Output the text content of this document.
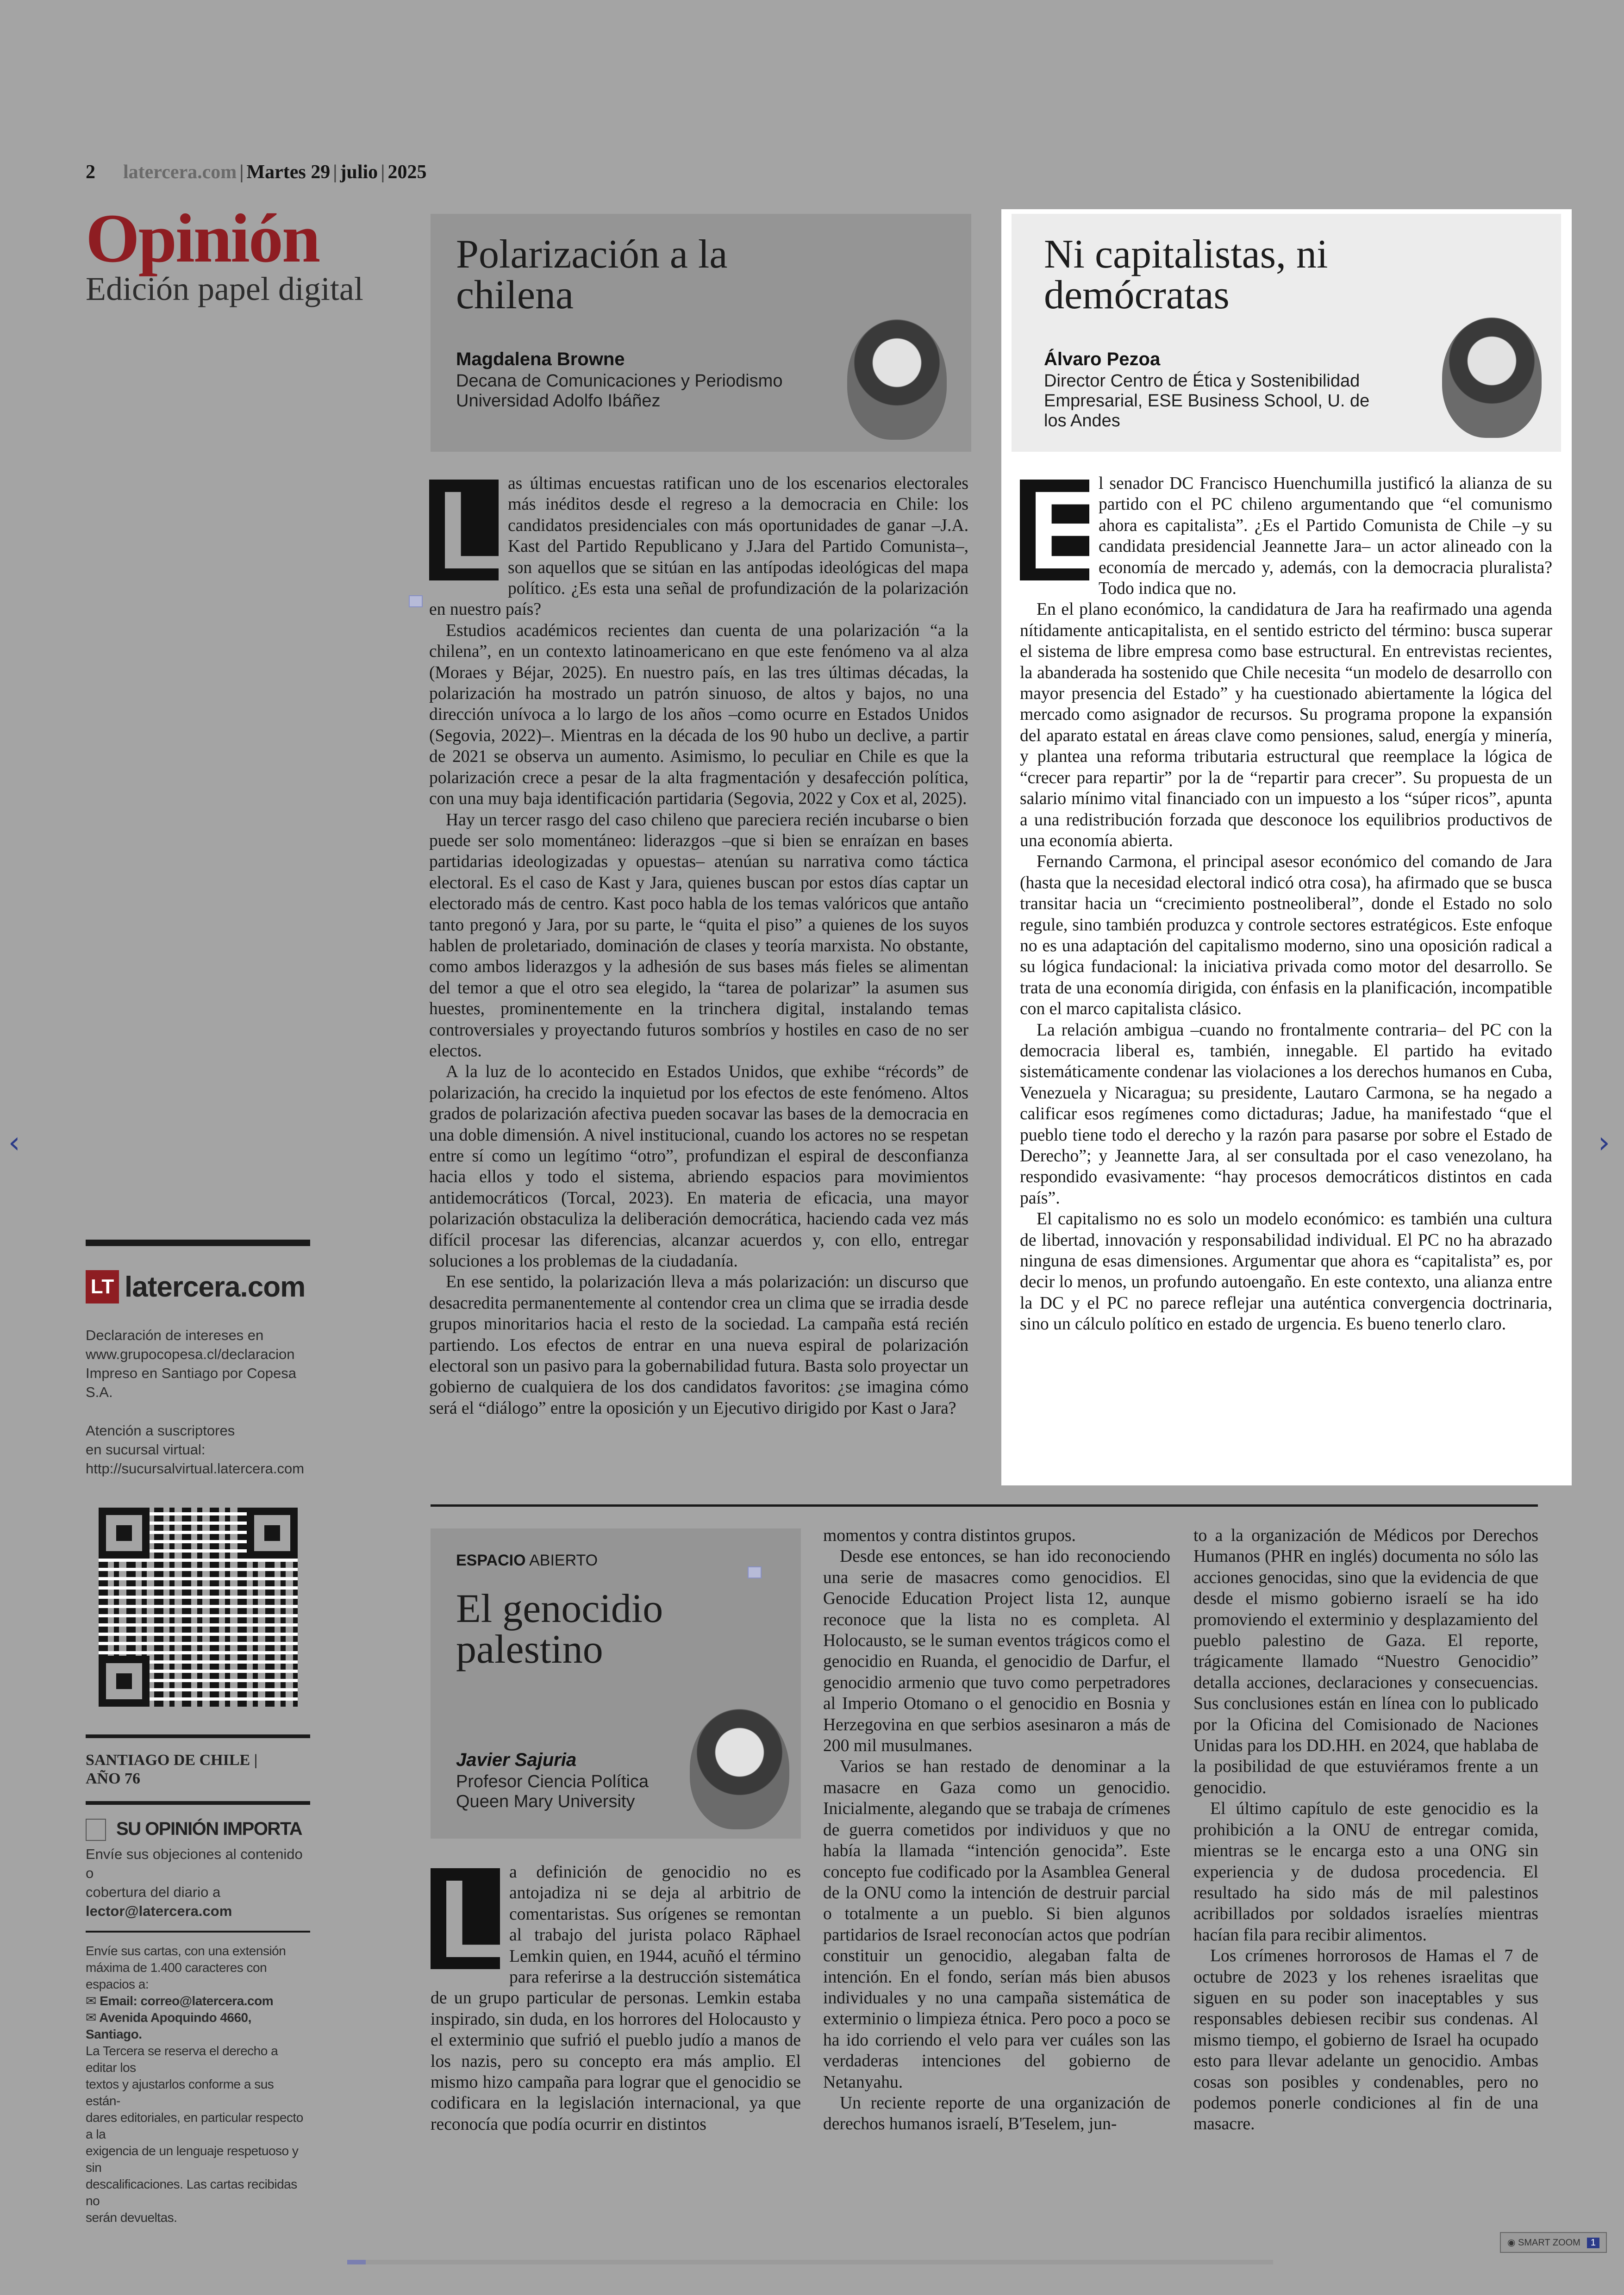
2 latercera.com | Martes 29 | julio | 2025
Opinión
Edición papel digital
Polarización a la
chilena
Magdalena Browne
Decana de Comunicaciones y Periodismo
Universidad Adolfo Ibáñez
L as últimas encuestas ratifican uno de los escenarios electorales más inéditos desde el regreso a la democracia en Chile: los candidatos presidenciales con más oportunidades de ganar –J.A. Kast del Partido Republicano y J.Jara del Partido Comunista–, son aquellos que se sitúan en las antípodas ideológicas del mapa político. ¿Es esta una señal de profundización de la polarización en nuestro país?

Estudios académicos recientes dan cuenta de una polarización “a la chilena”, en un contexto latinoamericano en que este fenómeno va al alza (Moraes y Béjar, 2025). En nuestro país, en las tres últimas décadas, la polarización ha mostrado un patrón sinuoso, de altos y bajos, no una dirección unívoca a lo largo de los años –como ocurre en Estados Unidos (Segovia, 2022)–. Mientras en la década de los 90 hubo un declive, a partir de 2021 se observa un aumento. Asimismo, lo peculiar en Chile es que la polarización crece a pesar de la alta fragmentación y desafección política, con una muy baja identificación partidaria (Segovia, 2022 y Cox et al, 2025).

Hay un tercer rasgo del caso chileno que pareciera recién incubarse o bien puede ser solo momentáneo: liderazgos –que si bien se enraízan en bases partidarias ideologizadas y opuestas– atenúan su narrativa como táctica electoral. Es el caso de Kast y Jara, quienes buscan por estos días captar un electorado más de centro. Kast poco habla de los temas valóricos que antaño tanto pregonó y Jara, por su parte, le “quita el piso” a quienes de los suyos hablen de proletariado, dominación de clases y teoría marxista. No obstante, como ambos liderazgos y la adhesión de sus bases más fieles se alimentan del temor a que el otro sea elegido, la “tarea de polarizar” la asumen sus huestes, prominentemente en la trinchera digital, instalando temas controversiales y proyectando futuros sombríos y hostiles en caso de no ser electos.

A la luz de lo acontecido en Estados Unidos, que exhibe “récords” de polarización, ha crecido la inquietud por los efectos de este fenómeno. Altos grados de polarización afectiva pueden socavar las bases de la democracia en una doble dimensión. A nivel institucional, cuando los actores no se respetan entre sí como un legítimo “otro”, profundizan el espiral de desconfianza hacia ellos y todo el sistema, abriendo espacios para movimientos antidemocráticos (Torcal, 2023). En materia de eficacia, una mayor polarización obstaculiza la deliberación democrática, haciendo cada vez más difícil procesar las diferencias, alcanzar acuerdos y, con ello, entregar soluciones a los problemas de la ciudadanía.

En ese sentido, la polarización lleva a más polarización: un discurso que desacredita permanentemente al contendor crea un clima que se irradia desde grupos minoritarios hacia el resto de la sociedad. La campaña está recién partiendo. Los efectos de entrar en una nueva espiral de polarización electoral son un pasivo para la gobernabilidad futura. Basta solo proyectar un gobierno de cualquiera de los dos candidatos favoritos: ¿se imagina cómo será el “diálogo” entre la oposición y un Ejecutivo dirigido por Kast o Jara?

Ni capitalistas, ni
demócratas
Álvaro Pezoa
Director Centro de Ética y Sostenibilidad
Empresarial, ESE Business School, U. de
los Andes
E

l senador DC Francisco Huenchumilla justificó la alianza de su partido con el PC chileno argumentando que “el comunismo ahora es capitalista”. ¿Es el Partido Comunista de Chile –y su candidata presidencial Jeannette Jara– un actor alineado con la economía de mercado y, además, con la democracia pluralista? Todo indica que no.

En el plano económico, la candidatura de Jara ha reafirmado una agenda nítidamente anticapitalista, en el sentido estricto del término: busca superar el sistema de libre empresa como base estructural. En entrevistas recientes, la abanderada ha sostenido que Chile necesita “un modelo de desarrollo con mayor presencia del Estado” y ha cuestionado abiertamente la lógica del mercado como asignador de recursos. Su programa propone la expansión del aparato estatal en áreas clave como pensiones, salud, energía y minería, y plantea una reforma tributaria estructural que reemplace la lógica de “crecer para repartir” por la de “repartir para crecer”. Su propuesta de un salario mínimo vital financiado con un impuesto a los “súper ricos”, apunta a una redistribución forzada que desconoce los equilibrios productivos de una economía abierta.

Fernando Carmona, el principal asesor económico del comando de Jara (hasta que la necesidad electoral indicó otra cosa), ha afirmado que se busca transitar hacia un “crecimiento postneoliberal”, donde el Estado no solo regule, sino también produzca y controle sectores estratégicos. Este enfoque no es una adaptación del capitalismo moderno, sino una oposición radical a su lógica fundacional: la iniciativa privada como motor del desarrollo. Se trata de una economía dirigida, con énfasis en la planificación, incompatible con el marco capitalista clásico.

La relación ambigua –cuando no frontalmente contraria– del PC con la democracia liberal es, también, innegable. El partido ha evitado sistemáticamente condenar las violaciones a los derechos humanos en Cuba, Venezuela y Nicaragua; su presidente, Lautaro Carmona, se ha negado a calificar esos regímenes como dictaduras; Jadue, ha manifestado “que el pueblo tiene todo el derecho y la razón para pasarse por sobre el Estado de Derecho”; y Jeannette Jara, al ser consultada por el caso venezolano, ha respondido evasivamente: “hay procesos democráticos distintos en cada país”.

El capitalismo no es solo un modelo económico: es también una cultura de libertad, innovación y responsabilidad individual. El PC no ha abrazado ninguna de esas dimensiones. Argumentar que ahora es “capitalista” es, por decir lo menos, un profundo autoengaño. En este contexto, una alianza entre la DC y el PC no parece reflejar una auténtica convergencia doctrinaria, sino un cálculo político en estado de urgencia. Es bueno tenerlo claro.

ESPACIO ABIERTO
El genocidio
palestino
Javier Sajuria
Profesor Ciencia Política
Queen Mary University
L a definición de genocidio no es antojadiza ni se deja al arbitrio de comentaristas. Sus orígenes se remontan al trabajo del jurista polaco Rāphael Lemkin quien, en 1944, acuñó el término para referirse a la destrucción sistemática de un grupo particular de personas. Lemkin estaba inspirado, sin duda, en los horrores del Holocausto y el exterminio que sufrió el pueblo judío a manos de los nazis, pero su concepto era más amplio. El mismo hizo campaña para lograr que el genocidio se codificara en la legislación internacional, ya que reconocía que podía ocurrir en distintos

momentos y contra distintos grupos.

Desde ese entonces, se han ido reconociendo una serie de masacres como genocidios. El Genocide Education Project lista 12, aunque reconoce que la lista no es completa. Al Holocausto, se le suman eventos trágicos como el genocidio en Ruanda, el genocidio de Darfur, el genocidio armenio que tuvo como perpetradores al Imperio Otomano o el genocidio en Bosnia y Herzegovina en que serbios asesinaron a más de 200 mil musulmanes.

Varios se han restado de denominar a la masacre en Gaza como un genocidio. Inicialmente, alegando que se trabaja de crímenes de guerra cometidos por individuos y que no había la llamada “intención genocida”. Este concepto fue codificado por la Asamblea General de la ONU como la intención de destruir parcial o totalmente a un pueblo. Si bien algunos partidarios de Israel reconocían actos que podrían constituir un genocidio, alegaban falta de intención. En el fondo, serían más bien abusos individuales y no una campaña sistemática de exterminio o limpieza étnica. Pero poco a poco se ha ido corriendo el velo para ver cuáles son las verdaderas intenciones del gobierno de Netanyahu.

Un reciente reporte de una organización de derechos humanos israelí, B'Teselem, jun-

to a la organización de Médicos por Derechos Humanos (PHR en inglés) documenta no sólo las acciones genocidas, sino que la evidencia de que desde el mismo gobierno israelí se ha ido promoviendo el exterminio y desplazamiento del pueblo palestino de Gaza. El reporte, trágicamente llamado “Nuestro Genocidio” detalla acciones, declaraciones y consecuencias. Sus conclusiones están en línea con lo publicado por la Oficina del Comisionado de Naciones Unidas para los DD.HH. en 2024, que hablaba de la posibilidad de que estuviéramos frente a un genocidio.

El último capítulo de este genocidio es la prohibición a la ONU de entregar comida, mientras se le encarga esto a una ONG sin experiencia y de dudosa procedencia. El resultado ha sido más de mil palestinos acribillados por soldados israelíes mientras hacían fila para recibir alimentos.

Los crímenes horrorosos de Hamas el 7 de octubre de 2023 y los rehenes israelitas que siguen en su poder son inaceptables y sus responsables debiesen recibir sus condenas. Al mismo tiempo, el gobierno de Israel ha ocupado esto para llevar adelante un genocidio. Ambas cosas son posibles y condenables, pero no podemos ponerle condiciones al fin de una masacre.

LT latercera.com
Declaración de intereses en
www.grupocopesa.cl/declaracion
Impreso en Santiago por Copesa S.A.
Atención a suscriptores
en sucursal virtual:
http://sucursalvirtual.latercera.com
SANTIAGO DE CHILE |
AÑO 76
SU OPINIÓN IMPORTA
Envíe sus objeciones al contenido o
cobertura del diario a
lector@latercera.com
Envíe sus cartas, con una extensión
máxima de 1.400 caracteres con
espacios a:
✉ Email: correo@latercera.com
✉ Avenida Apoquindo 4660, Santiago.
La Tercera se reserva el derecho a editar los
textos y ajustarlos conforme a sus están-
dares editoriales, en particular respecto a la
exigencia de un lenguaje respetuoso y sin
descalificaciones. Las cartas recibidas no
serán devueltas.
‹	›
◉ SMART ZOOM 1
